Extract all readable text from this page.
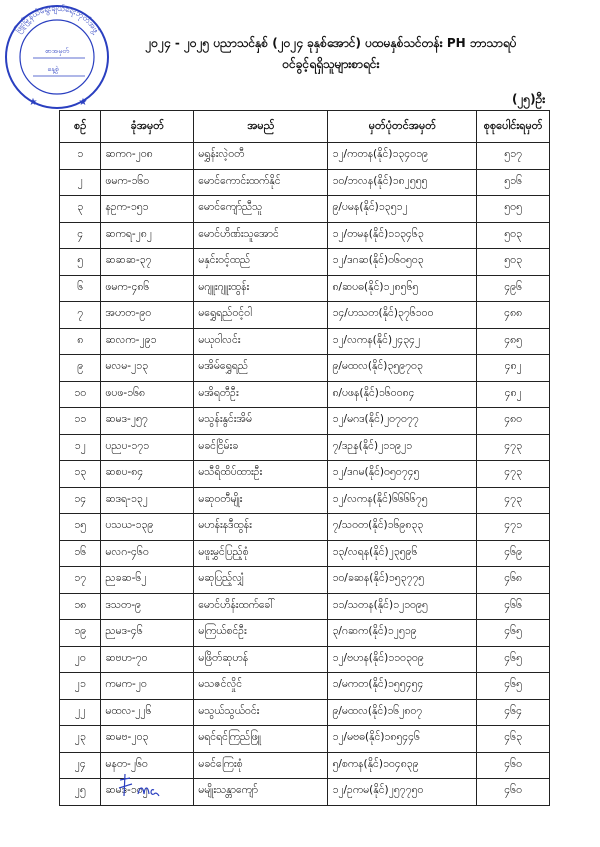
ဖြူးမြို့နယ်ရွေးချယ်ရေးဘုတ်အဖွဲ့
စာအမှတ်
နေ့စွဲ
★	★
၂၀၂၄ - ၂၀၂၅ ပညာသင်နှစ် (၂၀၂၄ ခုနှစ်အောင်) ပထမနှစ်သင်တန်း PH ဘာသာရပ်
ဝင်ခွင့်ရရှိသူများစာရင်း
(၂၅)ဦး
စဉ်	ခုံအမှတ်	အမည်	မှတ်ပုံတင်အမှတ်	စုစုပေါင်းရမှတ်
၁	ဆကဂ-၂၀၈	မရွှန်းလဲ့ဝတီ	၁၂/ကတန(နိုင်)၁၃၄၀၁၉	၅၁၇
၂	ဖမက-၁၆၀	မောင်ကောင်းထက်နိုင်	၁၀/ဘလန(နိုင်)၁၈၂၅၅၅	၅၁၆
၃	နဥက-၁၅၁	မောင်ကျော်ညီသူ	၉/ပမန(နိုင်)၁၃၅၁၂	၅၀၅
၄	ဆကရ-၂၈၂	မောင်ဟိဏ်းသူအောင်	၁၂/တမန(နိုင်)၁၁၃၄၆၃	၅၀၃
၅	ဆဆဆ-၃၇	မနှင်းဝင့်ထည်	၁၂/ဒဂဆ(နိုင်)၀၆၀၅၀၃	၅၀၃
၆	ဖမက-၄၈၆	မဂျူးဂျူးထွန်း	၈/ဆပဓ(နိုင်)၁၂၈၅၆၅	၄၉၆
၇	အဟတ-၉၀	မရွှေရည်ဝင့်ဝါ	၁၄/ဟသတ(နိုင်)၃၇၆၁၀၀	၄၈၈
၈	ဆလက-၂၉၁	မယုဝါလင်း	၁၂/လကန(နိုင်)၂၄၃၄၂	၄၈၅
၉	မလမ-၂၁၃	မအိမ်ရွှေရည်	၉/မထလ(နိုင်)၃၅၉၇၀၃	၄၈၂
၁၀	ဖပဖ-၁၆၈	မအိရတီဦး	၈/ပဖန(နိုင်)၁၆၀၀၈၄	၄၈၂
၁၁	ဆမဒ-၂၅၇	မသွန်းနွင်းအိမ်	၁၂/မဂဒ(နိုင်)၂၀၇၀၇၇	၄၈၀
၁၂	ပညပ-၁၇၁	မခင်ငြိမ်းခ	၇/ဒဉန(နိုင်)၂၁၁၉၂၁	၄၇၃
၁၃	ဆစပ-၈၄	မသီရိထိပ်ထားဦး	၁၂/ဒဂမ(နိုင်)၀၅၀၇၄၅	၄၇၃
၁၄	ဆဒရ-၁၃၂	မဆုဝတီမျိုး	၁၂/လကန(နိုင်)၆၆၆၆၇၅	၄၇၃
၁၅	ပသယ-၁၃၉	မဟန်းနဒီထွန်း	၇/သဝတ(နိုင်)၁၆၉၈၃၃	၄၇၁
၁၆	မလဂ-၄၆၀	မဖူးမွှင်ပြည့်စုံ	၁၃/လရန(နိုင်)၂၃၅၉၆	၄၆၉
၁၇	ညခဆ-၆၂	မဆုပြည့်လျှံ	၁၀/ခဆန(နိုင်)၁၅၃၇၇၅	၄၆၈
၁၈	ဒသတ-၉	မောင်ဟိန်းထက်ခေါ်	၁၁/သတန(နိုင်)၁၂၁၀၉၅	၄၆၆
၁၉	ညမဒ-၄၆	မကြယ်စင်ဦး	၃/ဂဆက(နိုင်)၁၂၅၁၉	၄၆၅
၂၀	ဆဗဟ-၇၀	မဖြိတ်ဆုဟန်	၁၂/ဗဟန(နိုင်)၁၁၀၃၀၉	၄၆၅
၂၁	ကမက-၂၀	မသဇင်လှိုင်	၁/မကတ(နိုင်)၁၅၅၄၅၄	၄၆၅
၂၂	မထလ-၂၂၆	မသွယ်သွယ်ဝင်း	၉/မထလ(နိုင်)၁၆၂၈၀၇	၄၆၄
၂၃	ဆမဗ-၂၀၃	မရင်ရင်ကြည်ဖြူ	၁၂/မဗဓ(နိုင်)၁၈၅၄၄၆	၄၆၃
၂၄	မနတ-၂၆၀	မခင်ကြေးစုံ	၅/စကန(နိုင်)၁၀၄၈၃၉	၄၆၀
၂၅	ဆမဒ-၁၀၂	မမျိုးသန္တာကျော်	၁၂/ဥကမ(နိုင်)၂၅၇၇၅၀	၄၆၀
